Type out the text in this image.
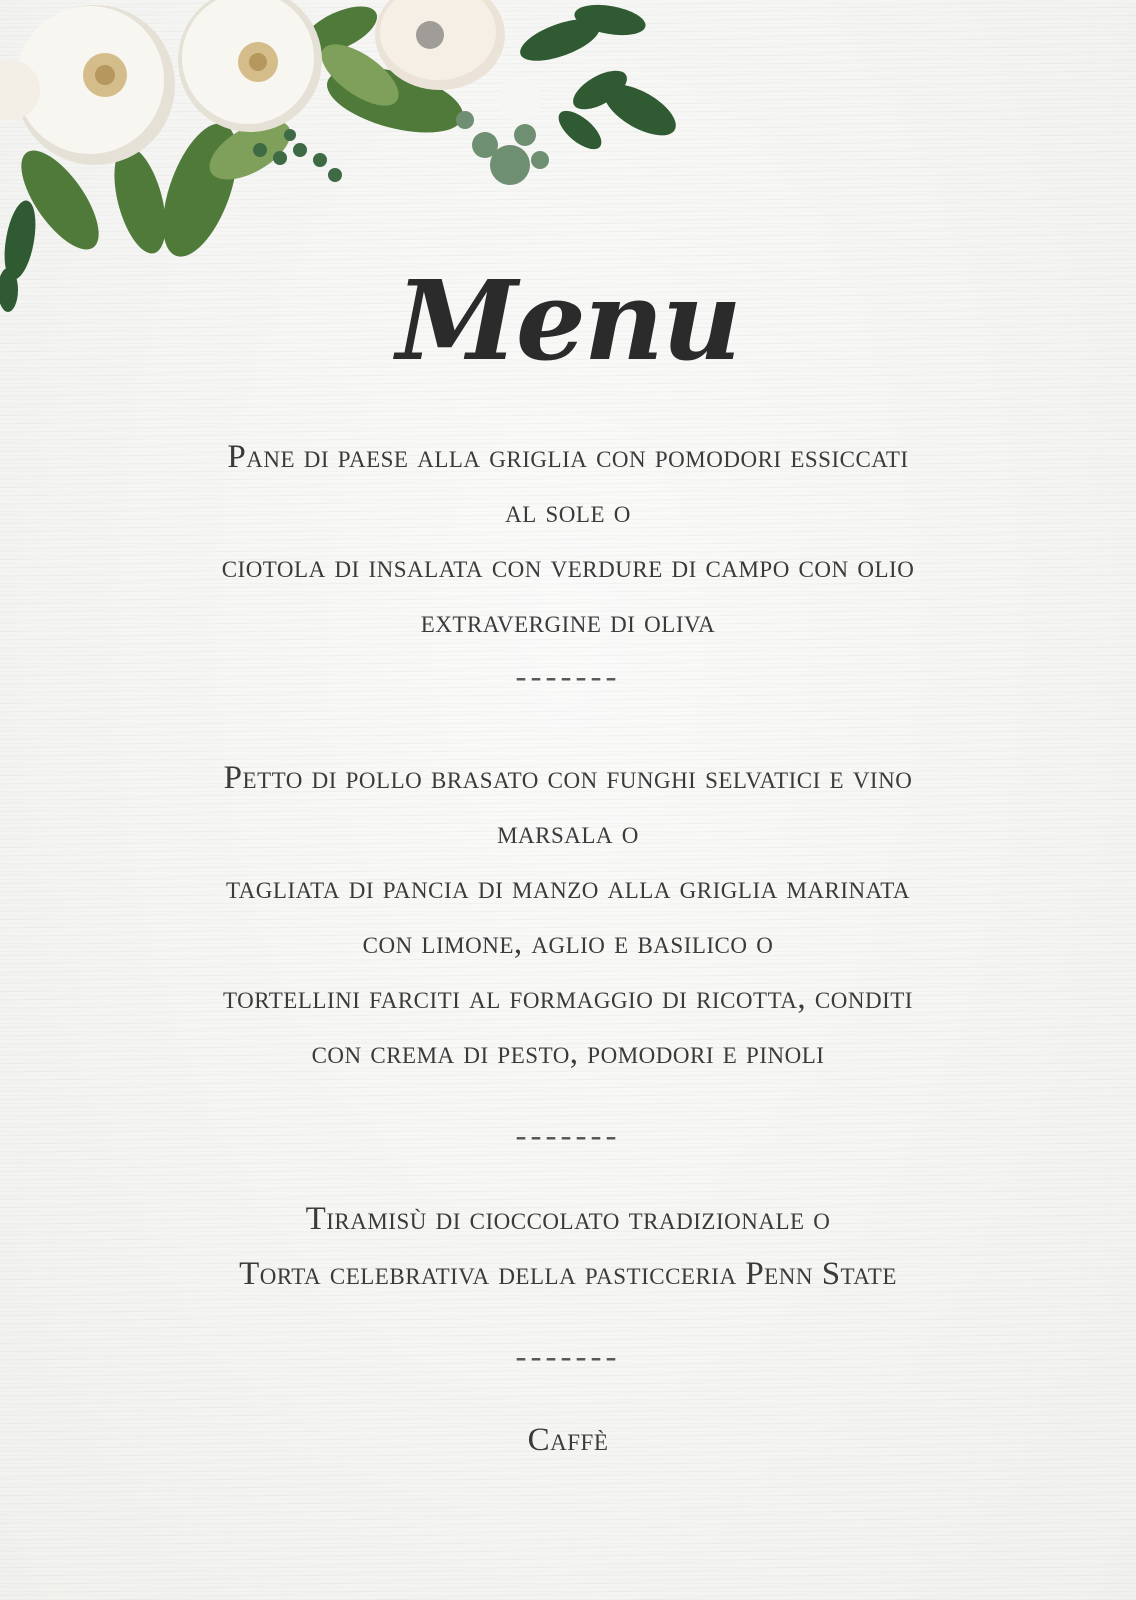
Menu
Pane di paese alla griglia con pomodori essiccati
al sole o
ciotola di insalata con verdure di campo con olio
extravergine di oliva
-------
Petto di pollo brasato con funghi selvatici e vino
marsala o
tagliata di pancia di manzo alla griglia marinata
con limone, aglio e basilico o
tortellini farciti al formaggio di ricotta, conditi
con crema di pesto, pomodori e pinoli
-------
Tiramisù di cioccolato tradizionale o
Torta celebrativa della pasticceria Penn State
-------
Caffè
